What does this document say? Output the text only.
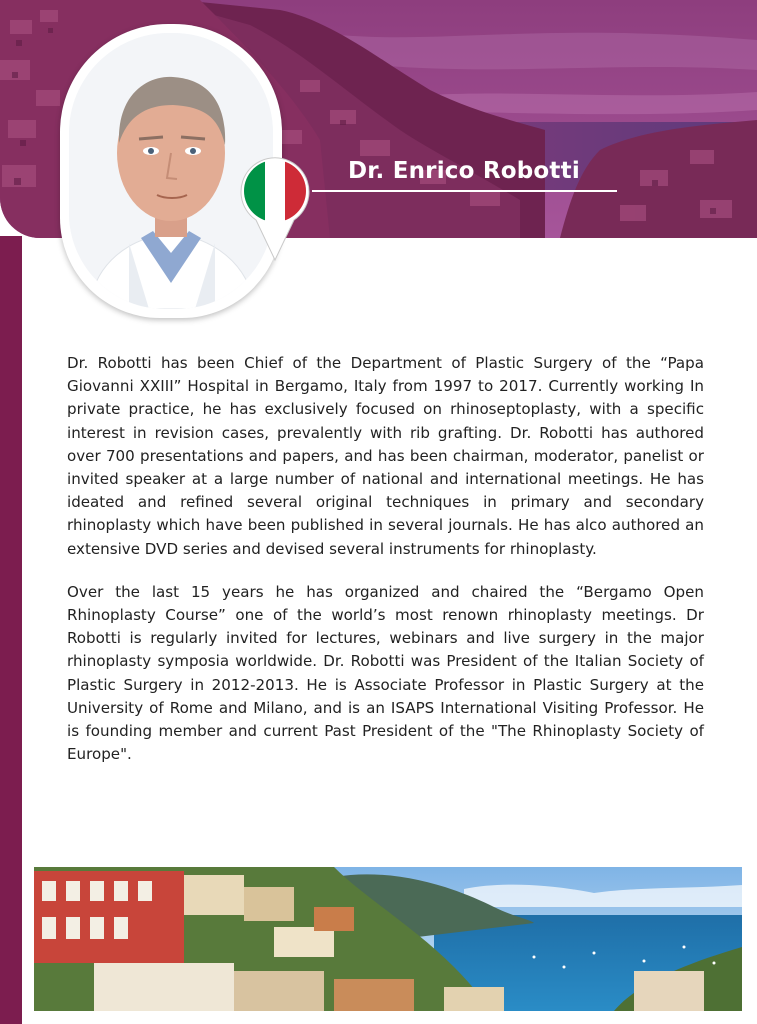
Dr. Enrico Robotti

Dr. Robotti has been Chief of the Department of Plastic Surgery of the “Papa Giovanni XXIII” Hospital in Bergamo, Italy from 1997 to 2017. Currently working In private practice, he has exclusively focused on rhinoseptoplasty, with a specific interest in revision cases, prevalently with rib grafting. Dr. Robotti has authored over 700 presentations and papers, and has been chairman, moderator, panelist or invited speaker at a large number of national and international meetings. He has ideated and refined several original techniques in primary and secondary rhinoplasty which have been published in several journals. He has alco authored an extensive DVD series and devised several instruments for rhinoplasty.

Over the last 15 years he has organized and chaired the “Bergamo Open Rhinoplasty Course” one of the world’s most renown rhinoplasty meetings. Dr Robotti is regularly invited for lectures, webinars and live surgery in the major rhinoplasty symposia worldwide. Dr. Robotti was President of the Italian Society of Plastic Surgery in 2012-2013. He is Associate Professor in Plastic Surgery at the University of Rome and Milano, and is an ISAPS International Visiting Professor. He is founding member and current Past President of the "The Rhinoplasty Society of Europe".
